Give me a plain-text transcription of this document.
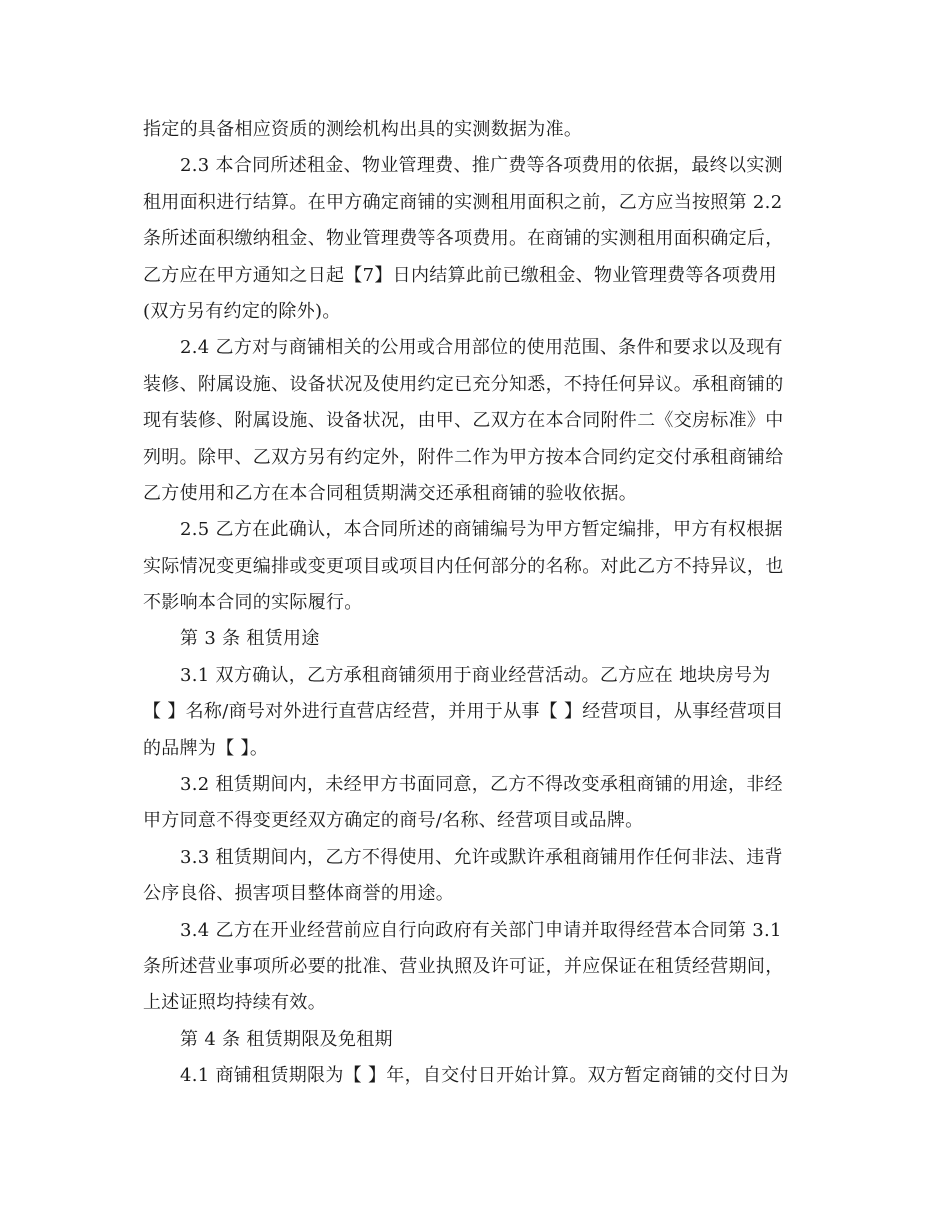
指定的具备相应资质的测绘机构出具的实测数据为准。
2.3 本合同所述租金、物业管理费、推广费等各项费用的依据，最终以实测
租用面积进行结算。在甲方确定商铺的实测租用面积之前，乙方应当按照第 2.2
条所述面积缴纳租金、物业管理费等各项费用。在商铺的实测租用面积确定后，
乙方应在甲方通知之日起【7】日内结算此前已缴租金、物业管理费等各项费用
(双方另有约定的除外)。
2.4 乙方对与商铺相关的公用或合用部位的使用范围、条件和要求以及现有
装修、附属设施、设备状况及使用约定已充分知悉，不持任何异议。承租商铺的
现有装修、附属设施、设备状况，由甲、乙双方在本合同附件二《交房标准》中
列明。除甲、乙双方另有约定外，附件二作为甲方按本合同约定交付承租商铺给
乙方使用和乙方在本合同租赁期满交还承租商铺的验收依据。
2.5 乙方在此确认，本合同所述的商铺编号为甲方暂定编排，甲方有权根据
实际情况变更编排或变更项目或项目内任何部分的名称。对此乙方不持异议，也
不影响本合同的实际履行。
第 3 条 租赁用途
3.1 双方确认，乙方承租商铺须用于商业经营活动。乙方应在 地块房号为
【 】名称/商号对外进行直营店经营，并用于从事【 】经营项目，从事经营项目
的品牌为【 】。
3.2 租赁期间内，未经甲方书面同意，乙方不得改变承租商铺的用途，非经
甲方同意不得变更经双方确定的商号/名称、经营项目或品牌。
3.3 租赁期间内，乙方不得使用、允许或默许承租商铺用作任何非法、违背
公序良俗、损害项目整体商誉的用途。
3.4 乙方在开业经营前应自行向政府有关部门申请并取得经营本合同第 3.1
条所述营业事项所必要的批准、营业执照及许可证，并应保证在租赁经营期间，
上述证照均持续有效。
第 4 条 租赁期限及免租期
4.1 商铺租赁期限为【 】年，自交付日开始计算。双方暂定商铺的交付日为
